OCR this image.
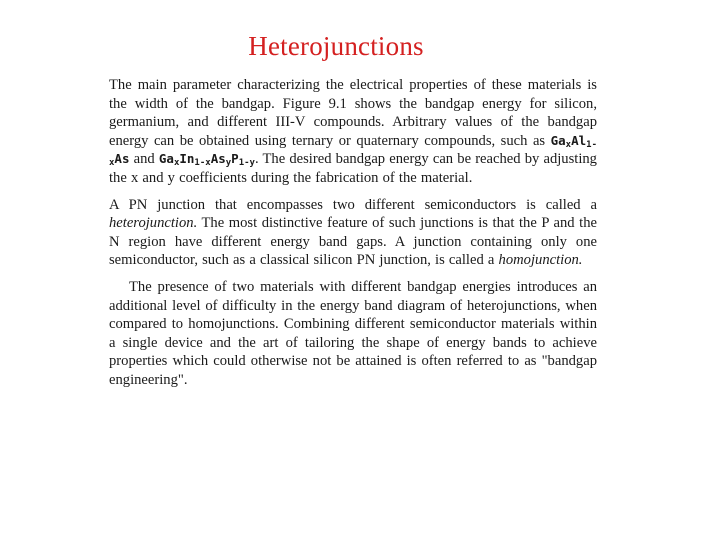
Heterojunctions

The main parameter characterizing the electrical properties of these materials is the width of the bandgap. Figure 9.1 shows the bandgap energy for silicon, germanium, and different III-V compounds. Arbitrary values of the bandgap energy can be obtained using ternary or quaternary compounds, such as $Ga_xAl_{1-x}As$ and $Ga_xIn_{1-x}As_yP_{1-y}$. The desired bandgap energy can be reached by adjusting the x and y coefficients during the fabrication of the material.

A PN junction that encompasses two different semiconductors is called a heterojunction. The most distinctive feature of such junctions is that the P and the N region have different energy band gaps. A junction containing only one semiconductor, such as a classical silicon PN junction, is called a homojunction.

The presence of two materials with different bandgap energies introduces an additional level of difficulty in the energy band diagram of heterojunctions, when compared to homojunctions. Combining different semiconductor materials within a single device and the art of tailoring the shape of energy bands to achieve properties which could otherwise not be attained is often referred to as "bandgap engineering".
